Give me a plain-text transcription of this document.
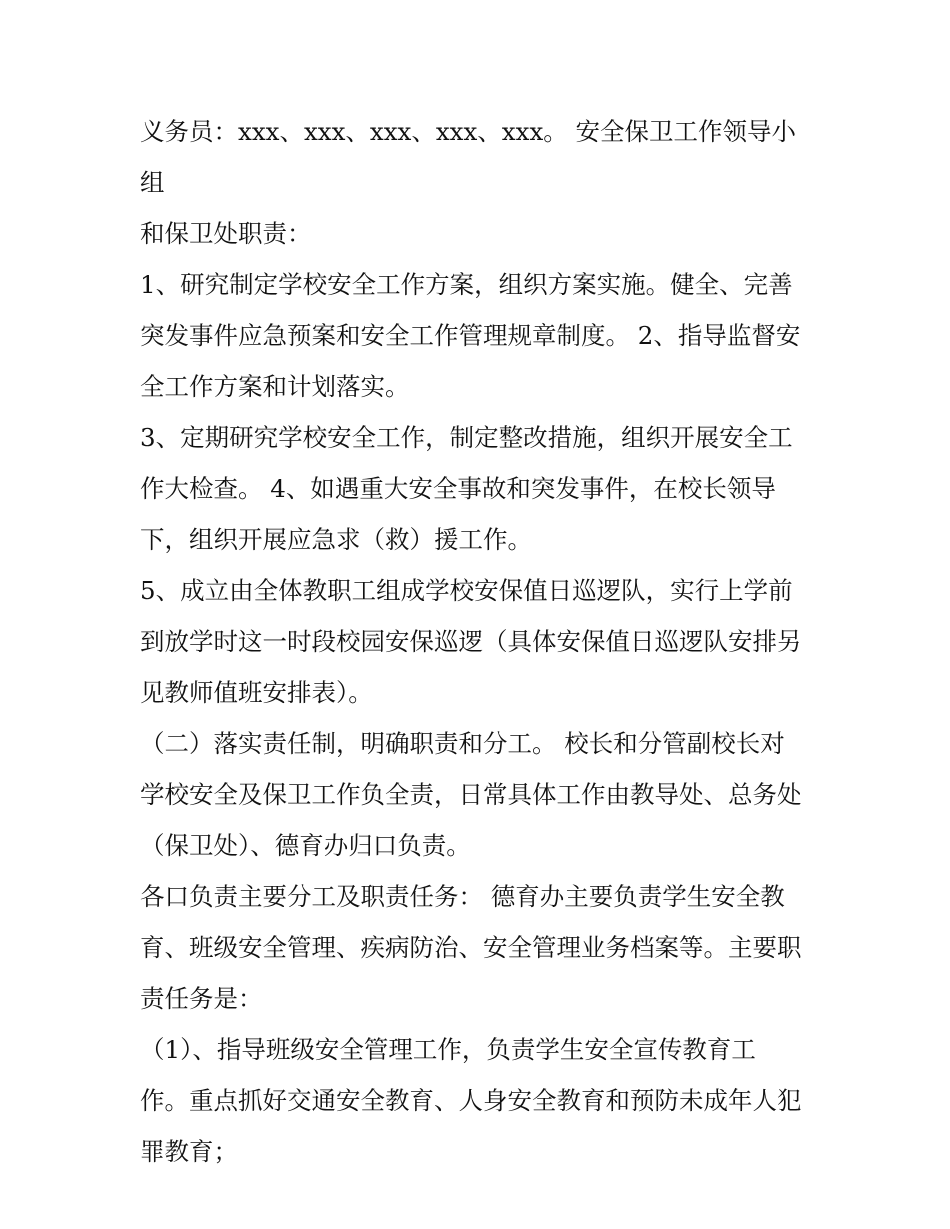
义务员：xxx、xxx、xxx、xxx、xxx。 安全保卫工作领导小组
和保卫处职责：

1、研究制定学校安全工作方案，组织方案实施。健全、完善
突发事件应急预案和安全工作管理规章制度。 2、指导监督安
全工作方案和计划落实。

3、定期研究学校安全工作，制定整改措施，组织开展安全工
作大检查。 4、如遇重大安全事故和突发事件，在校长领导
下，组织开展应急求（救）援工作。

5、成立由全体教职工组成学校安保值日巡逻队，实行上学前
到放学时这一时段校园安保巡逻（具体安保值日巡逻队安排另
见教师值班安排表）。

（二）落实责任制，明确职责和分工。 校长和分管副校长对
学校安全及保卫工作负全责，日常具体工作由教导处、总务处
（保卫处）、德育办归口负责。

各口负责主要分工及职责任务： 德育办主要负责学生安全教
育、班级安全管理、疾病防治、安全管理业务档案等。主要职
责任务是：

（1）、指导班级安全管理工作，负责学生安全宣传教育工
作。重点抓好交通安全教育、人身安全教育和预防未成年人犯
罪教育；
